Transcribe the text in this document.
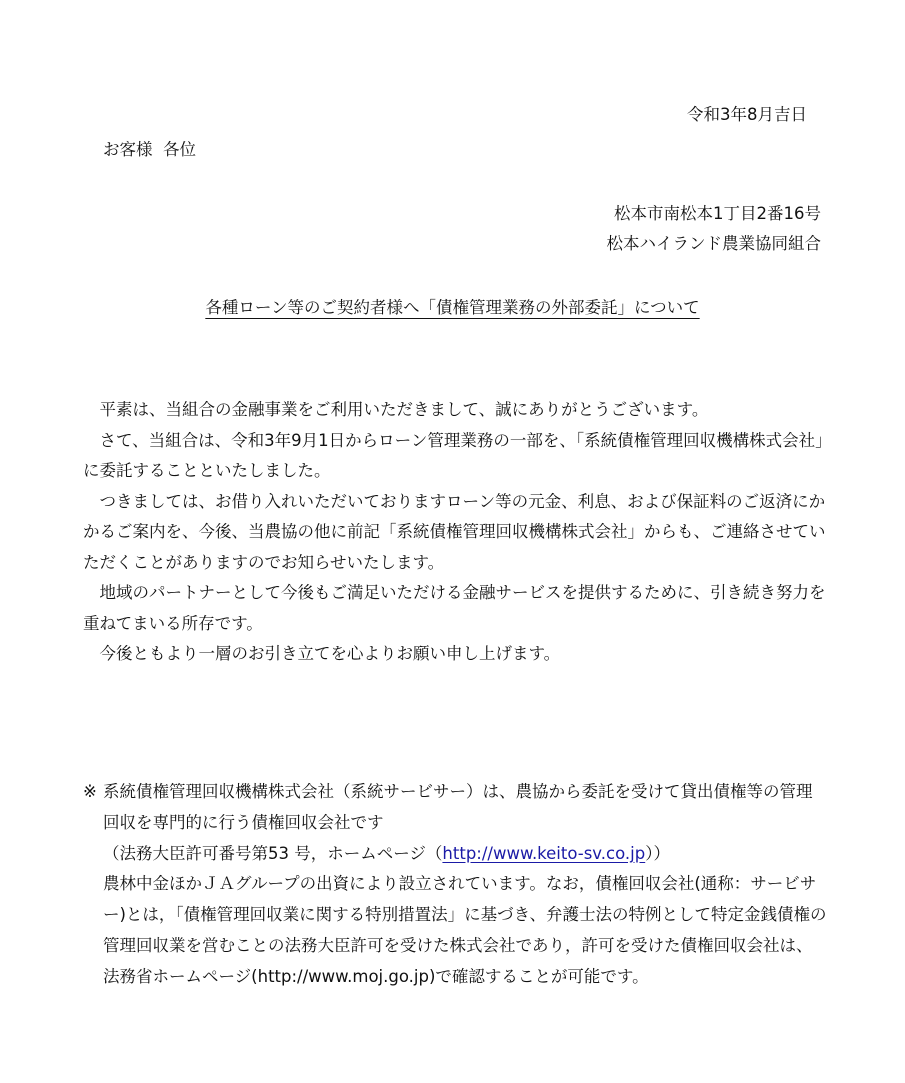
令和3年8月吉日
お客様  各位
松本市南松本1丁目2番16号
松本ハイランド農業協同組合
各種ローン等のご契約者様へ「債権管理業務の外部委託」について

平素は、当組合の金融事業をご利用いただきまして、誠にありがとうございます。

さて、当組合は、令和3年9月1日からローン管理業務の一部を、「系統債権管理回収機構株式会社」に委託することといたしました。

つきましては、お借り入れいただいておりますローン等の元金、利息、および保証料のご返済にかかるご案内を、今後、当農協の他に前記「系統債権管理回収機構株式会社」からも、ご連絡させていただくことがありますのでお知らせいたします。

地域のパートナーとして今後もご満足いただける金融サービスを提供するために、引き続き努力を重ねてまいる所存です。

今後ともより一層のお引き立てを心よりお願い申し上げます。

※ 系統債権管理回収機構株式会社（系統サービサー）は、農協から委託を受けて貸出債権等の管理回収を専門的に行う債権回収会社です
（法務大臣許可番号第53 号，ホームページ（http://www.keito-sv.co.jp））
農林中金ほかＪＡグループの出資により設立されています。なお，債権回収会社(通称：サービサー)とは，「債権管理回収業に関する特別措置法」に基づき、弁護士法の特例として特定金銭債権の管理回収業を営むことの法務大臣許可を受けた株式会社であり，許可を受けた債権回収会社は、法務省ホームページ(http://www.moj.go.jp)で確認することが可能です。
